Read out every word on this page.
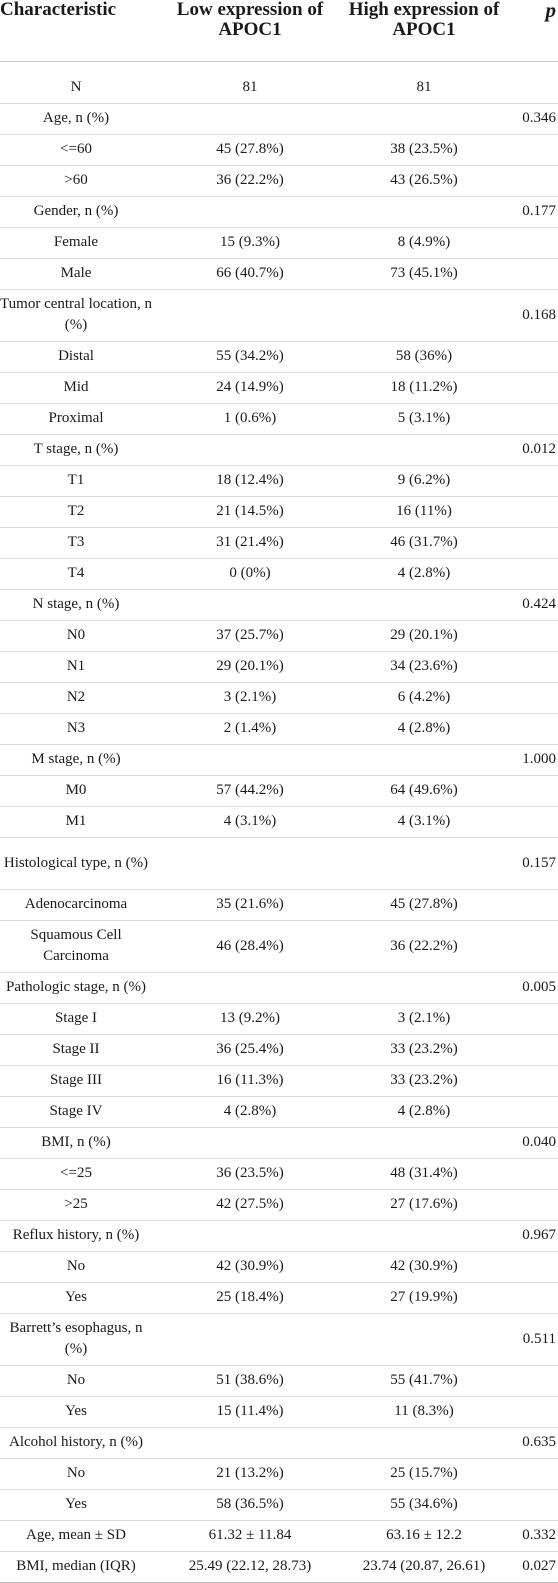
Characteristic	Low expression of APOC1	High expression of APOC1	p
N	81	81	
Age, n (%)			0.346
<=60	45 (27.8%)	38 (23.5%)	
>60	36 (22.2%)	43 (26.5%)	
Gender, n (%)			0.177
Female	15 (9.3%)	8 (4.9%)	
Male	66 (40.7%)	73 (45.1%)	
Tumor central location, n (%)			0.168
Distal	55 (34.2%)	58 (36%)	
Mid	24 (14.9%)	18 (11.2%)	
Proximal	1 (0.6%)	5 (3.1%)	
T stage, n (%)			0.012
T1	18 (12.4%)	9 (6.2%)	
T2	21 (14.5%)	16 (11%)	
T3	31 (21.4%)	46 (31.7%)	
T4	0 (0%)	4 (2.8%)	
N stage, n (%)			0.424
N0	37 (25.7%)	29 (20.1%)	
N1	29 (20.1%)	34 (23.6%)	
N2	3 (2.1%)	6 (4.2%)	
N3	2 (1.4%)	4 (2.8%)	
M stage, n (%)			1.000
M0	57 (44.2%)	64 (49.6%)	
M1	4 (3.1%)	4 (3.1%)	
Histological type, n (%)			0.157
Adenocarcinoma	35 (21.6%)	45 (27.8%)	
Squamous Cell Carcinoma	46 (28.4%)	36 (22.2%)	
Pathologic stage, n (%)			0.005
Stage I	13 (9.2%)	3 (2.1%)	
Stage II	36 (25.4%)	33 (23.2%)	
Stage III	16 (11.3%)	33 (23.2%)	
Stage IV	4 (2.8%)	4 (2.8%)	
BMI, n (%)			0.040
<=25	36 (23.5%)	48 (31.4%)	
>25	42 (27.5%)	27 (17.6%)	
Reflux history, n (%)			0.967
No	42 (30.9%)	42 (30.9%)	
Yes	25 (18.4%)	27 (19.9%)	
Barrett’s esophagus, n (%)			0.511
No	51 (38.6%)	55 (41.7%)	
Yes	15 (11.4%)	11 (8.3%)	
Alcohol history, n (%)			0.635
No	21 (13.2%)	25 (15.7%)	
Yes	58 (36.5%)	55 (34.6%)	
Age, mean ± SD	61.32 ± 11.84	63.16 ± 12.2	0.332
BMI, median (IQR)	25.49 (22.12, 28.73)	23.74 (20.87, 26.61)	0.027
